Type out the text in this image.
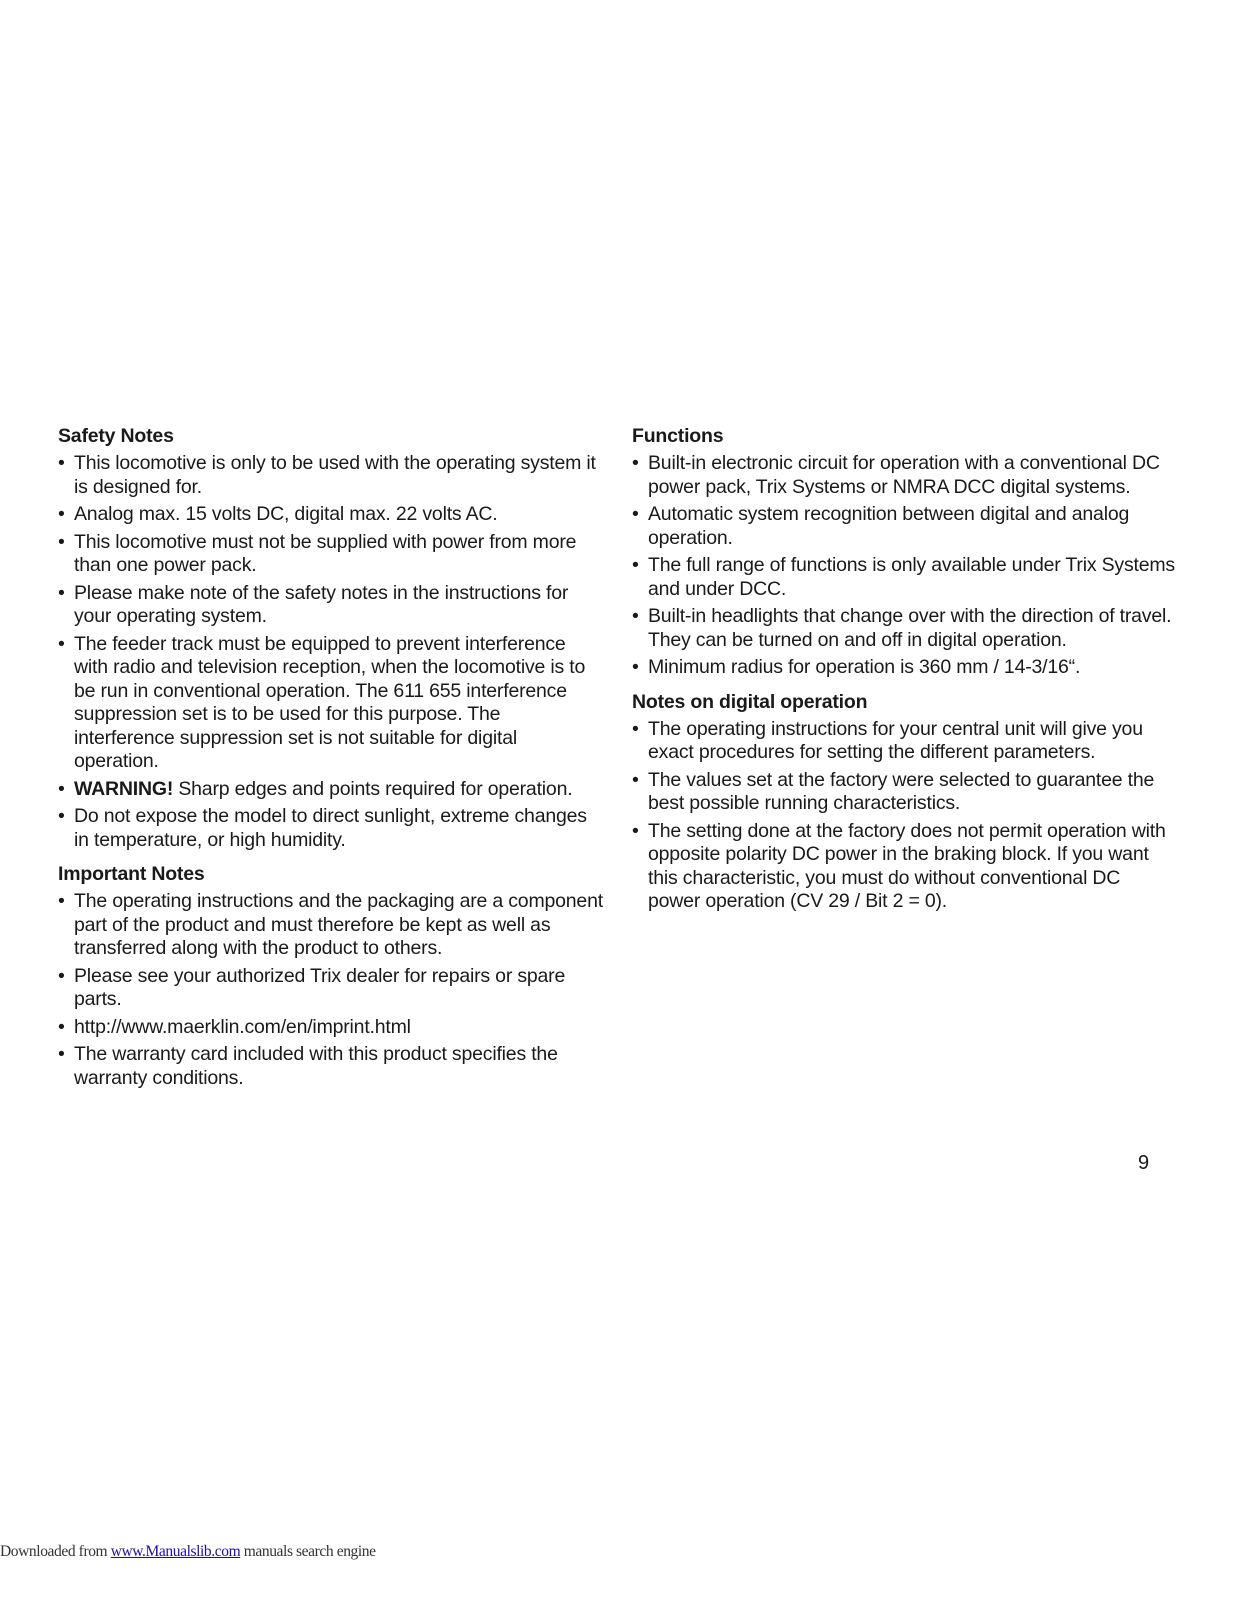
Safety Notes
• This locomotive is only to be used with the operating system it is designed for.
• Analog max. 15 volts DC, digital max. 22 volts AC.
• This locomotive must not be supplied with power from more than one power pack.
• Please make note of the safety notes in the instructions for your operating system.
• The feeder track must be equipped to prevent interference with radio and television reception, when the locomotive is to be run in conventional operation. The 611 655 interference suppression set is to be used for this purpose. The interference suppression set is not suitable for digital operation.
• WARNING! Sharp edges and points required for operation.
• Do not expose the model to direct sunlight, extreme changes in temperature, or high humidity.
Important Notes
• The operating instructions and the packaging are a component part of the product and must therefore be kept as well as transferred along with the product to others.
• Please see your authorized Trix dealer for repairs or spare parts.
• http://www.maerklin.com/en/imprint.html
• The warranty card included with this product specifies the warranty conditions.
Functions
• Built-in electronic circuit for operation with a conventional DC power pack, Trix Systems or NMRA DCC digital systems.
• Automatic system recognition between digital and analog operation.
• The full range of functions is only available under Trix Systems and under DCC.
• Built-in headlights that change over with the direction of travel. They can be turned on and off in digital operation.
• Minimum radius for operation is 360 mm / 14-3/16“.
Notes on digital operation
• The operating instructions for your central unit will give you exact procedures for setting the different parameters.
• The values set at the factory were selected to guarantee the best possible running characteristics.
• The setting done at the factory does not permit operation with opposite polarity DC power in the braking block. If you want this characteristic, you must do without conventional DC power operation (CV 29 / Bit 2 = 0).
9
Downloaded from www.Manualslib.com manuals search engine
